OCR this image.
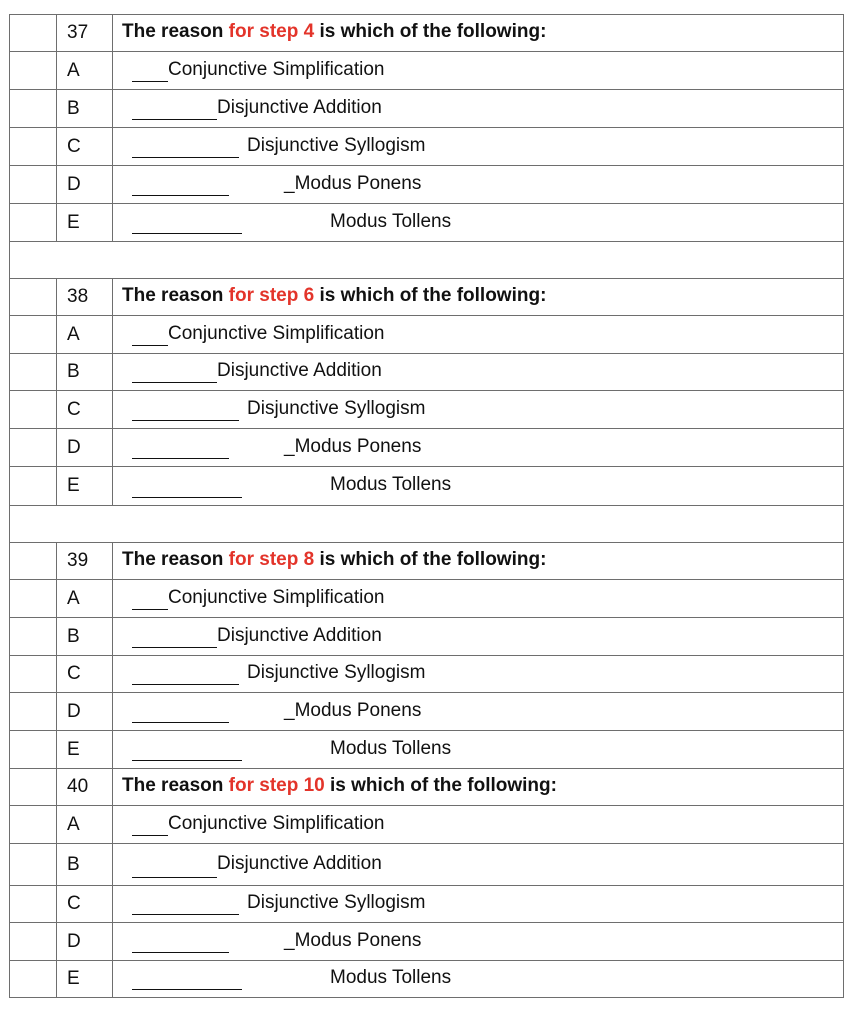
37	The reason for step 4 is which of the following:
A	Conjunctive Simplification
B	Disjunctive Addition
C	Disjunctive Syllogism
D	_Modus Ponens
E	Modus Tollens
38	The reason for step 6 is which of the following:
A	Conjunctive Simplification
B	Disjunctive Addition
C	Disjunctive Syllogism
D	_Modus Ponens
E	Modus Tollens
39	The reason for step 8 is which of the following:
A	Conjunctive Simplification
B	Disjunctive Addition
C	Disjunctive Syllogism
D	_Modus Ponens
E	Modus Tollens
40	The reason for step 10 is which of the following:
A	Conjunctive Simplification
B	Disjunctive Addition
C	Disjunctive Syllogism
D	_Modus Ponens
E	Modus Tollens
